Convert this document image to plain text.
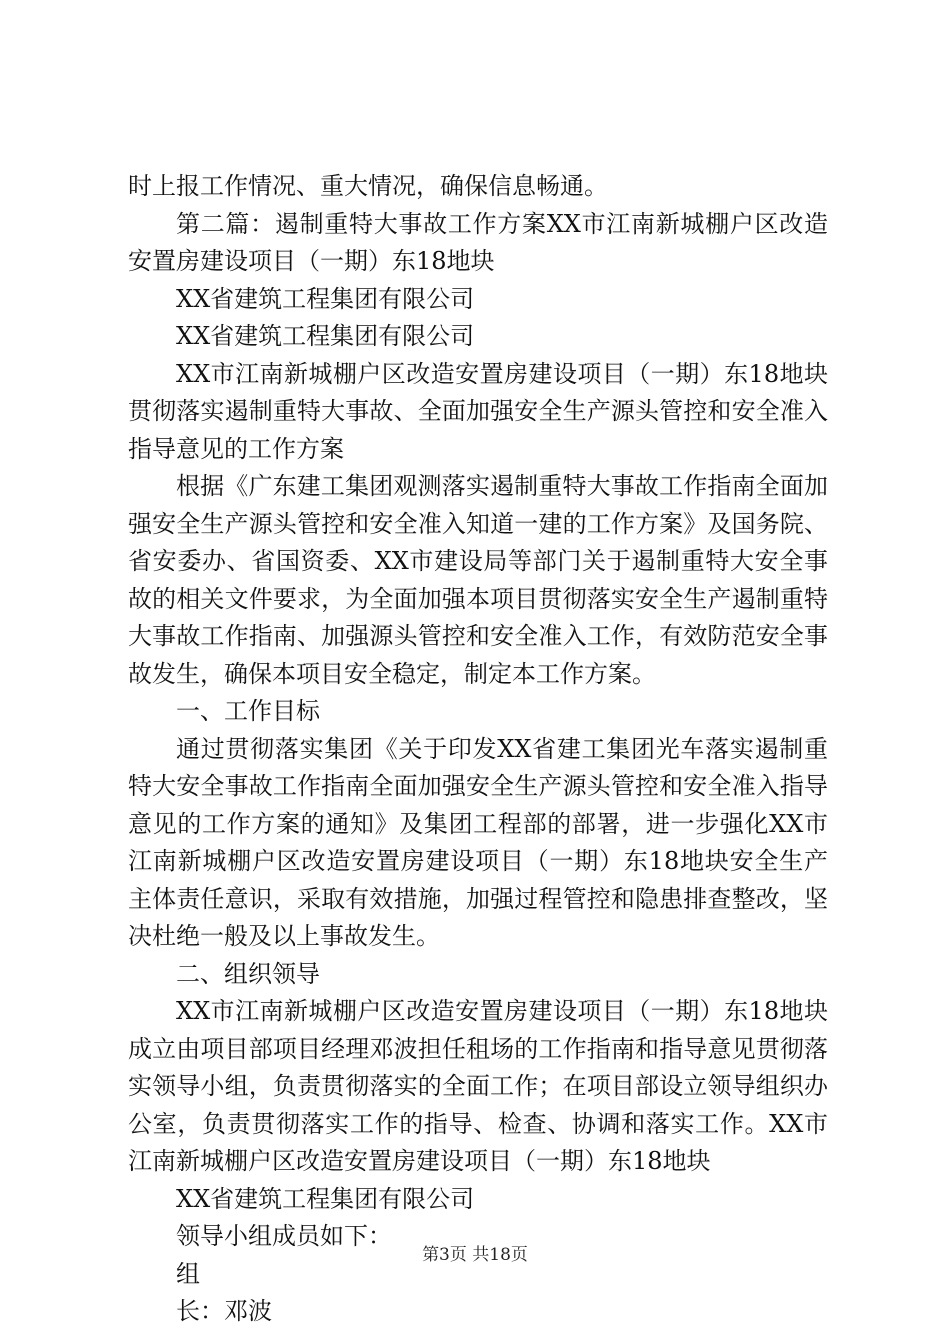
时上报工作情况、重大情况，确保信息畅通。

第二篇：遏制重特大事故工作方案XX市江南新城棚户区改造安置房建设项目（一期）东18地块

XX省建筑工程集团有限公司

XX省建筑工程集团有限公司

XX市江南新城棚户区改造安置房建设项目（一期）东18地块贯彻落实遏制重特大事故、全面加强安全生产源头管控和安全准入指导意见的工作方案

根据《广东建工集团观测落实遏制重特大事故工作指南全面加强安全生产源头管控和安全准入知道一建的工作方案》及国务院、省安委办、省国资委、XX市建设局等部门关于遏制重特大安全事故的相关文件要求，为全面加强本项目贯彻落实安全生产遏制重特大事故工作指南、加强源头管控和安全准入工作，有效防范安全事故发生，确保本项目安全稳定，制定本工作方案。

一、工作目标

通过贯彻落实集团《关于印发XX省建工集团光车落实遏制重特大安全事故工作指南全面加强安全生产源头管控和安全准入指导意见的工作方案的通知》及集团工程部的部署，进一步强化XX市江南新城棚户区改造安置房建设项目（一期）东18地块安全生产主体责任意识，采取有效措施，加强过程管控和隐患排查整改，坚决杜绝一般及以上事故发生。

二、组织领导

XX市江南新城棚户区改造安置房建设项目（一期）东18地块成立由项目部项目经理邓波担任租场的工作指南和指导意见贯彻落实领导小组，负责贯彻落实的全面工作；在项目部设立领导组织办公室，负责贯彻落实工作的指导、检查、协调和落实工作。XX市江南新城棚户区改造安置房建设项目（一期）东18地块

XX省建筑工程集团有限公司

领导小组成员如下：

组

长：邓波

第3页 共18页
